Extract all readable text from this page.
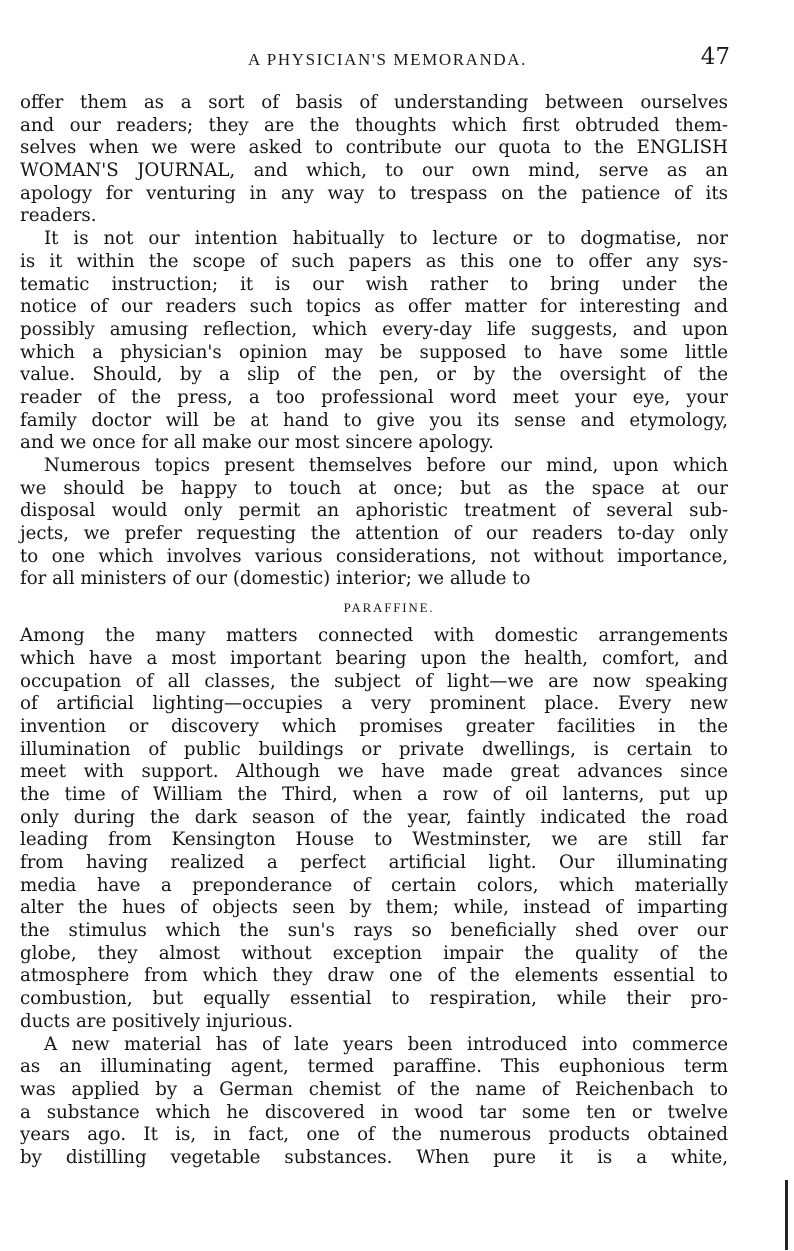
A PHYSICIAN'S MEMORANDA.	47
offer them as a sort of basis of understanding between ourselves
and our readers; they are the thoughts which first obtruded them-
selves when we were asked to contribute our quota to the ENGLISH
WOMAN'S JOURNAL, and which, to our own mind, serve as an
apology for venturing in any way to trespass on the patience of its
readers.
It is not our intention habitually to lecture or to dogmatise, nor
is it within the scope of such papers as this one to offer any sys-
tematic instruction; it is our wish rather to bring under the
notice of our readers such topics as offer matter for interesting and
possibly amusing reflection, which every-day life suggests, and upon
which a physician's opinion may be supposed to have some little
value. Should, by a slip of the pen, or by the oversight of the
reader of the press, a too professional word meet your eye, your
family doctor will be at hand to give you its sense and etymology,
and we once for all make our most sincere apology.
Numerous topics present themselves before our mind, upon which
we should be happy to touch at once; but as the space at our
disposal would only permit an aphoristic treatment of several sub-
jects, we prefer requesting the attention of our readers to-day only
to one which involves various considerations, not without importance,
for all ministers of our (domestic) interior; we allude to
PARAFFINE.
Among the many matters connected with domestic arrangements
which have a most important bearing upon the health, comfort, and
occupation of all classes, the subject of light—we are now speaking
of artificial lighting—occupies a very prominent place. Every new
invention or discovery which promises greater facilities in the
illumination of public buildings or private dwellings, is certain to
meet with support. Although we have made great advances since
the time of William the Third, when a row of oil lanterns, put up
only during the dark season of the year, faintly indicated the road
leading from Kensington House to Westminster, we are still far
from having realized a perfect artificial light. Our illuminating
media have a preponderance of certain colors, which materially
alter the hues of objects seen by them; while, instead of imparting
the stimulus which the sun's rays so beneficially shed over our
globe, they almost without exception impair the quality of the
atmosphere from which they draw one of the elements essential to
combustion, but equally essential to respiration, while their pro-
ducts are positively injurious.
A new material has of late years been introduced into commerce
as an illuminating agent, termed paraffine. This euphonious term
was applied by a German chemist of the name of Reichenbach to
a substance which he discovered in wood tar some ten or twelve
years ago. It is, in fact, one of the numerous products obtained
by distilling vegetable substances. When pure it is a white,
